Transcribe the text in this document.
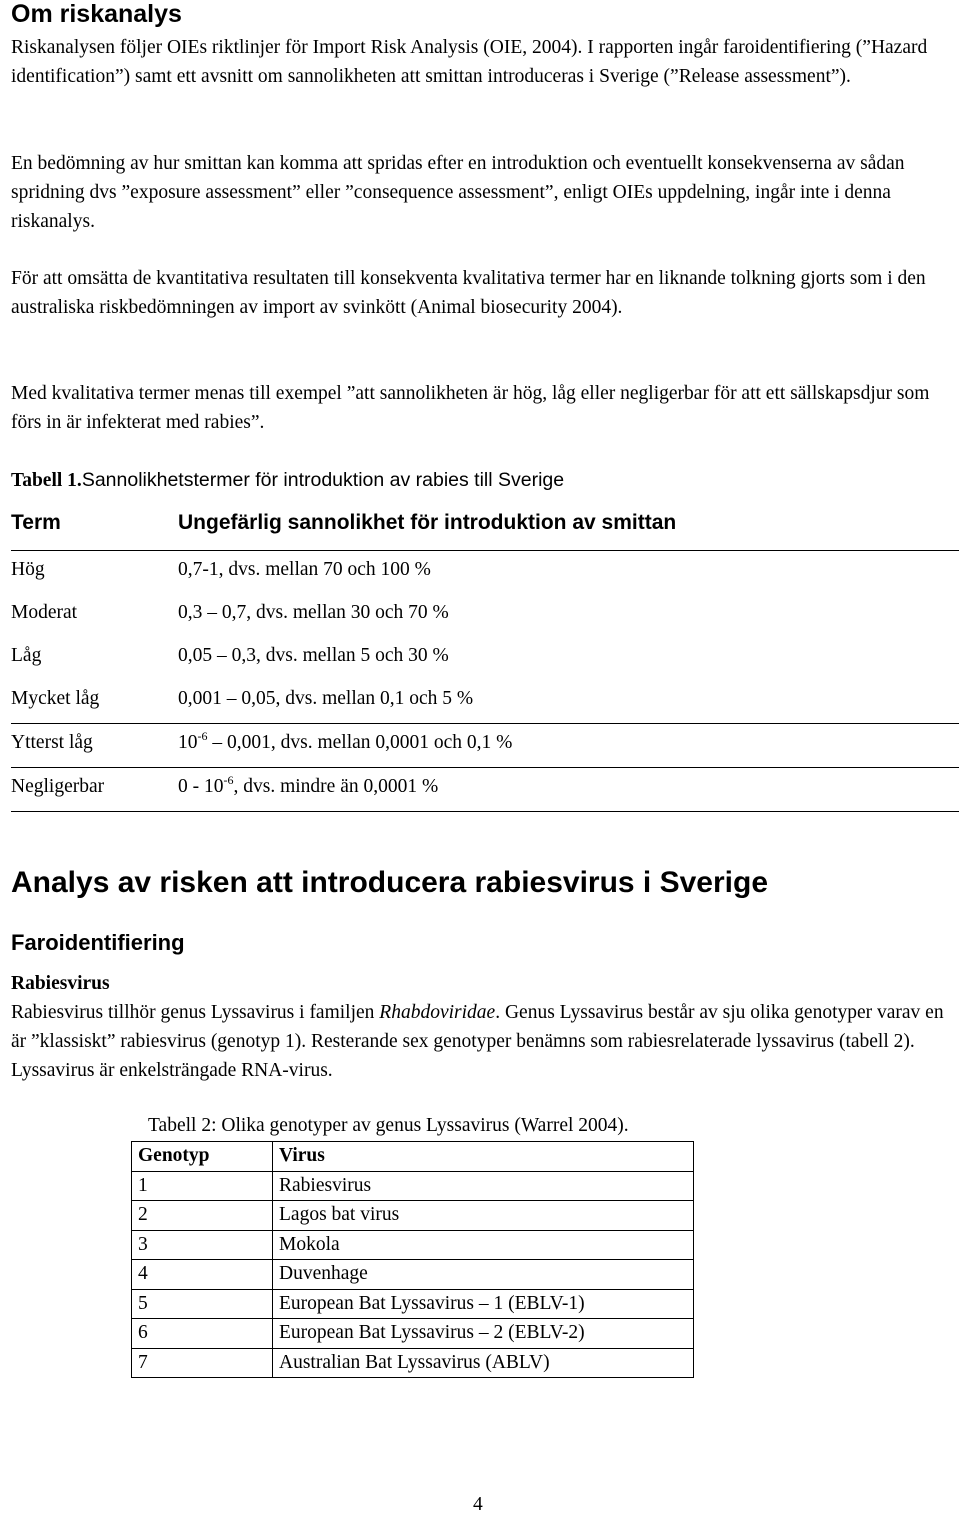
Om riskanalys

Riskanalysen följer OIEs riktlinjer för Import Risk Analysis (OIE, 2004). I rapporten ingår faroidentifiering (”Hazard identification”) samt ett avsnitt om sannolikheten att smittan introduceras i Sverige (”Release assessment”).

En bedömning av hur smittan kan komma att spridas efter en introduktion och eventuellt konsekvenserna av sådan spridning dvs ”exposure assessment” eller ”consequence assessment”, enligt OIEs uppdelning, ingår inte i denna riskanalys.

För att omsätta de kvantitativa resultaten till konsekventa kvalitativa termer har en liknande tolkning gjorts som i den australiska riskbedömningen av import av svinkött (Animal biosecurity 2004).

Med kvalitativa termer menas till exempel ”att sannolikheten är hög, låg eller negligerbar för att ett sällskapsdjur som förs in är infekterat med rabies”.

Tabell 1.Sannolikhetstermer för introduktion av rabies till Sverige

Term	Ungefärlig sannolikhet för introduktion av smittan
Hög	0,7-1, dvs. mellan 70 och 100 %
Moderat	0,3 – 0,7, dvs. mellan 30 och 70 %
Låg	0,05 – 0,3, dvs. mellan 5 och 30 %
Mycket låg	0,001 – 0,05, dvs. mellan 0,1 och 5 %
Ytterst låg	$10^{-6} - 0,001$, dvs. mellan 0,0001 och 0,1 %
Negligerbar	$0 - 10^{-6}$, dvs. mindre än 0,0001 %
Analys av risken att introducera rabiesvirus i Sverige
Faroidentifiering
Rabiesvirus

Rabiesvirus tillhör genus Lyssavirus i familjen Rhabdoviridae. Genus Lyssavirus består av sju olika genotyper varav en är ”klassiskt” rabiesvirus (genotyp 1). Resterande sex genotyper benämns som rabiesrelaterade lyssavirus (tabell 2). Lyssavirus är enkelsträngade RNA-virus.

Tabell 2: Olika genotyper av genus Lyssavirus (Warrel 2004).

Genotyp	Virus
1	Rabiesvirus
2	Lagos bat virus
3	Mokola
4	Duvenhage
5	European Bat Lyssavirus – 1 (EBLV-1)
6	European Bat Lyssavirus – 2 (EBLV-2)
7	Australian Bat Lyssavirus (ABLV)
4
